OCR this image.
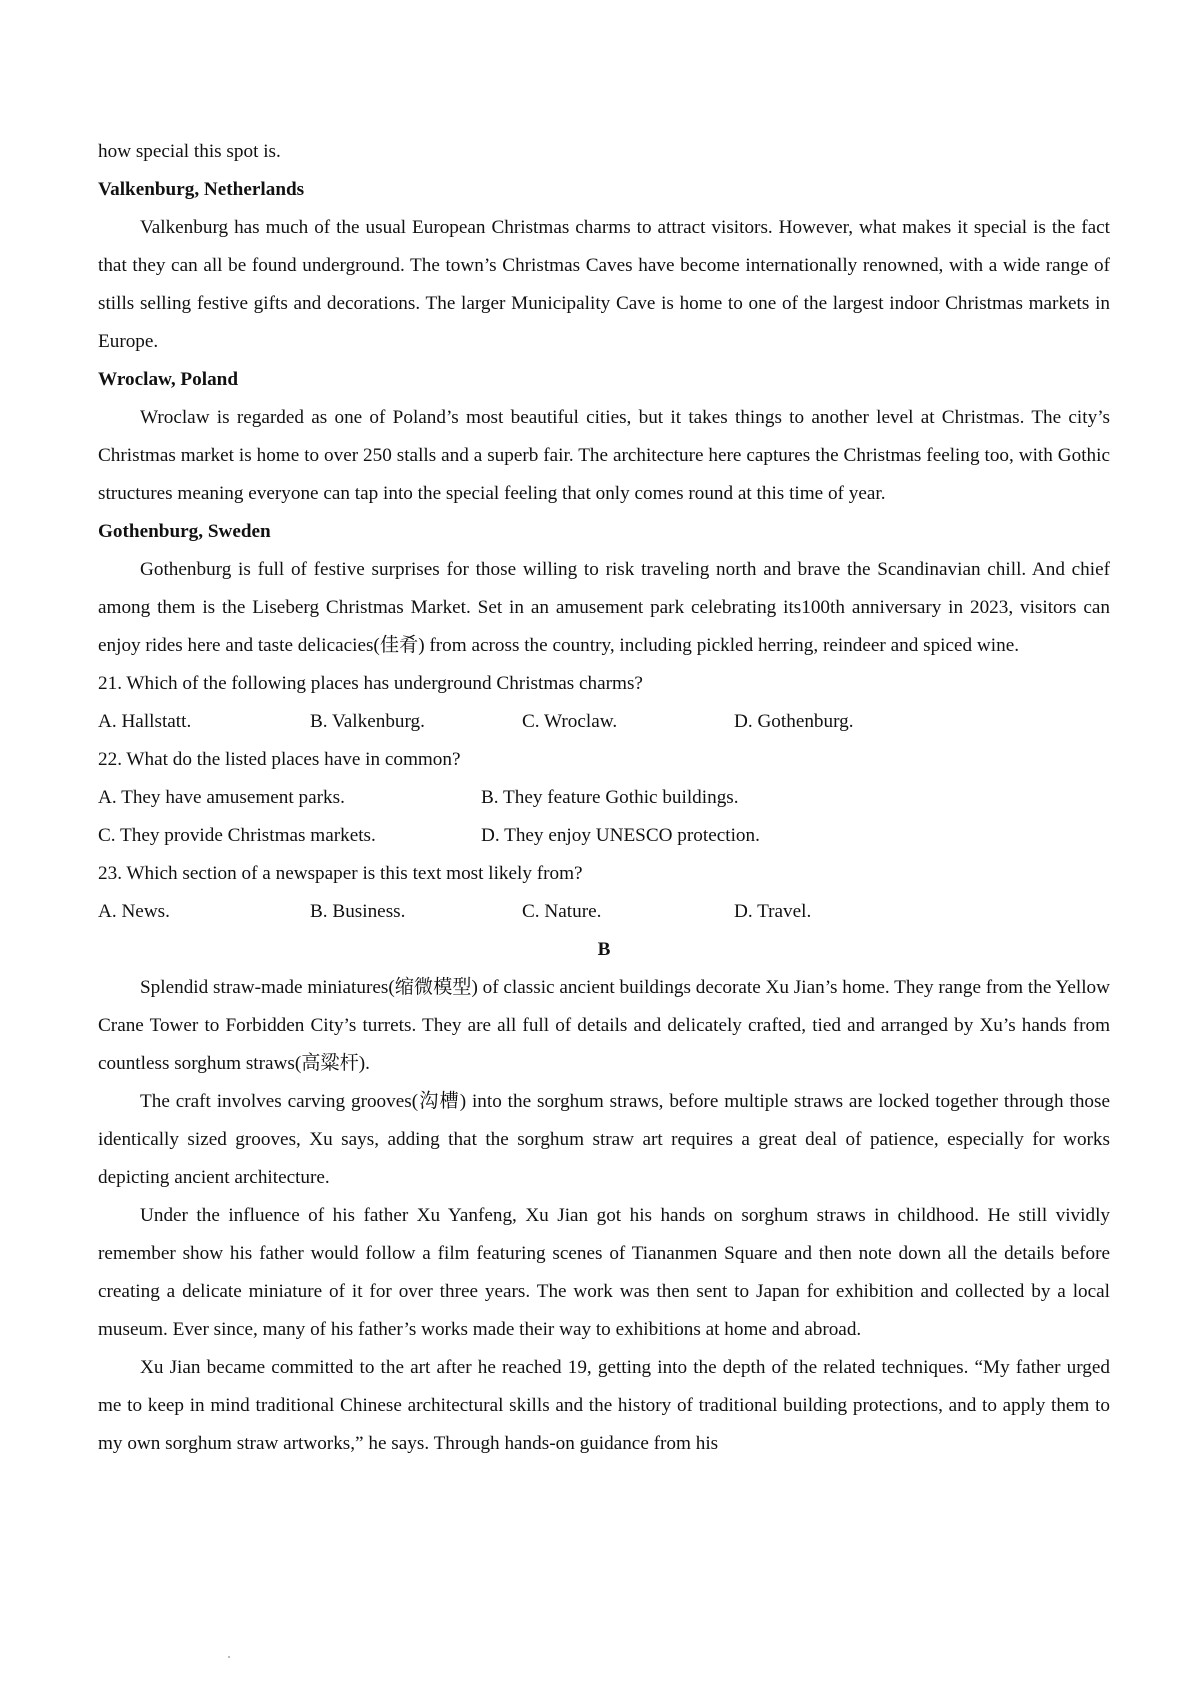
how special this spot is.

Valkenburg, Netherlands

Valkenburg has much of the usual European Christmas charms to attract visitors. However, what makes it special is the fact that they can all be found underground. The town’s Christmas Caves have become internationally renowned, with a wide range of stills selling festive gifts and decorations. The larger Municipality Cave is home to one of the largest indoor Christmas markets in Europe.

Wroclaw, Poland

Wroclaw is regarded as one of Poland’s most beautiful cities, but it takes things to another level at Christmas. The city’s Christmas market is home to over 250 stalls and a superb fair. The architecture here captures the Christmas feeling too, with Gothic structures meaning everyone can tap into the special feeling that only comes round at this time of year.

Gothenburg, Sweden

Gothenburg is full of festive surprises for those willing to risk traveling north and brave the Scandinavian chill. And chief among them is the Liseberg Christmas Market. Set in an amusement park celebrating its100th anniversary in 2023, visitors can enjoy rides here and taste delicacies(佳肴) from across the country, including pickled herring, reindeer and spiced wine.

21. Which of the following places has underground Christmas charms?

A. Hallstatt.	B. Valkenburg.	C. Wroclaw.	D. Gothenburg.

22. What do the listed places have in common?

A. They have amusement parks.	B. They feature Gothic buildings.
C. They provide Christmas markets.	D. They enjoy UNESCO protection.

23. Which section of a newspaper is this text most likely from?

A. News.	B. Business.	C. Nature.	D. Travel.

B

Splendid straw-made miniatures(缩微模型) of classic ancient buildings decorate Xu Jian’s home. They range from the Yellow Crane Tower to Forbidden City’s turrets. They are all full of details and delicately crafted, tied and arranged by Xu’s hands from countless sorghum straws(高粱杆).

The craft involves carving grooves(沟槽) into the sorghum straws, before multiple straws are locked together through those identically sized grooves, Xu says, adding that the sorghum straw art requires a great deal of patience, especially for works depicting ancient architecture.

Under the influence of his father Xu Yanfeng, Xu Jian got his hands on sorghum straws in childhood. He still vividly remember show his father would follow a film featuring scenes of Tiananmen Square and then note down all the details before creating a delicate miniature of it for over three years. The work was then sent to Japan for exhibition and collected by a local museum. Ever since, many of his father’s works made their way to exhibitions at home and abroad.

Xu Jian became committed to the art after he reached 19, getting into the depth of the related techniques. “My father urged me to keep in mind traditional Chinese architectural skills and the history of traditional building protections, and to apply them to my own sorghum straw artworks,” he says. Through hands-on guidance from his
